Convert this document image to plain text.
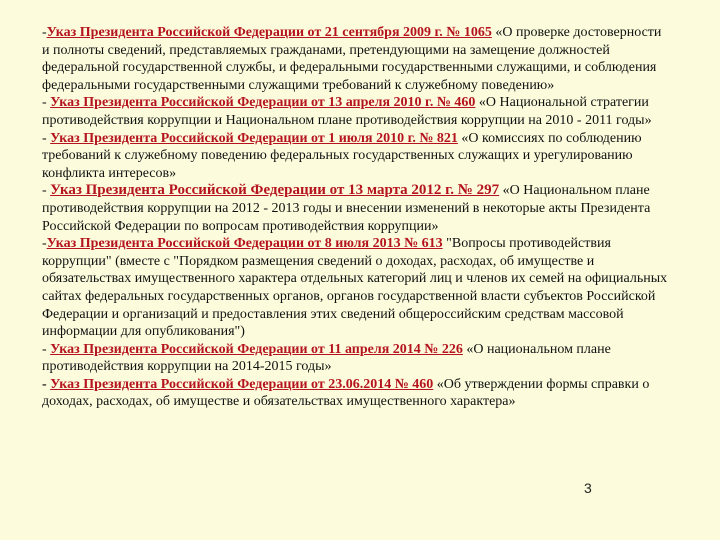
-Указ Президента Российской Федерации от 21 сентября 2009 г. № 1065 «О проверке достоверности и полноты сведений, представляемых гражданами, претендующими на замещение должностей федеральной государственной службы, и федеральными государственными служащими, и соблюдения федеральными государственными служащими требований к служебному поведению»

- Указ Президента Российской Федерации от 13 апреля 2010 г. № 460 «О Национальной стратегии противодействия коррупции и Национальном плане противодействия коррупции на 2010 - 2011 годы»

- Указ Президента Российской Федерации от 1 июля 2010 г. № 821 «О комиссиях по соблюдению требований к служебному поведению федеральных государственных служащих и урегулированию конфликта интересов»

- Указ Президента Российской Федерации от 13 марта 2012 г. № 297 «О Национальном плане противодействия коррупции на 2012 - 2013 годы и внесении изменений в некоторые акты Президента Российской Федерации по вопросам противодействия коррупции»

-Указ Президента Российской Федерации от 8 июля 2013 № 613 "Вопросы противодействия коррупции" (вместе с "Порядком размещения сведений о доходах, расходах, об имуществе и обязательствах имущественного характера отдельных категорий лиц и членов их семей на официальных сайтах федеральных государственных органов, органов государственной власти субъектов Российской Федерации и организаций и предоставления этих сведений общероссийским средствам массовой информации для опубликования")

- Указ Президента Российской Федерации от 11 апреля 2014 № 226 «О национальном плане противодействия коррупции на 2014-2015 годы»

- Указ Президента Российской Федерации от 23.06.2014 № 460 «Об утверждении формы справки о доходах, расходах, об имуществе и обязательствах имущественного характера»

3
